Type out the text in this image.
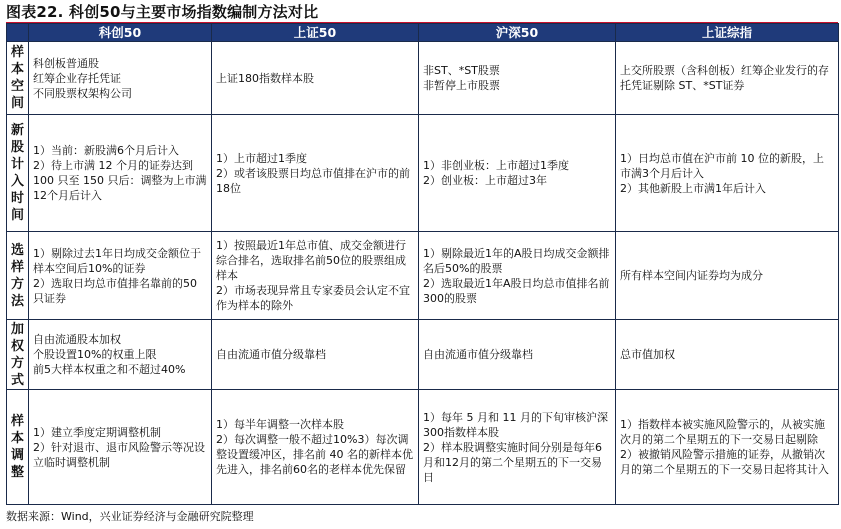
图表22. 科创50与主要市场指数编制方法对比
	科创50	上证50	沪深50	上证综指
样本空间	科创板普通股
红筹企业存托凭证
不同股票权架构公司	上证180指数样本股	非ST、*ST股票
非暂停上市股票	上交所股票（含科创板）红筹企业发行的存托凭证剔除 ST、*ST证券

新股计入时间	1）当前：新股满6个月后计入
2）待上市满 12 个月的证券达到 100 只至 150 只后：调整为上市满12个月后计入	1）上市超过1季度
2）或者该股票日均总市值排在沪市的前18位	1）非创业板：上市超过1季度
2）创业板：上市超过3年	1）日均总市值在沪市前 10 位的新股，上市满3个月后计入
2）其他新股上市满1年后计入

选样方法	1）剔除过去1年日均成交金额位于样本空间后10%的证券
2）选取日均总市值排名靠前的50只证券	1）按照最近1年总市值、成交金额进行综合排名，选取排名前50位的股票组成样本
2）市场表现异常且专家委员会认定不宜作为样本的除外	1）剔除最近1年的A股日均成交金额排名后50%的股票
2）选取最近1年A股日均总市值排名前300的股票	所有样本空间内证券均为成分

加权方式	自由流通股本加权
个股设置10%的权重上限
前5大样本权重之和不超过40%	自由流通市值分级靠档	自由流通市值分级靠档	总市值加权

样本调整	1）建立季度定期调整机制
2）针对退市、退市风险警示等况设立临时调整机制	1）每半年调整一次样本股
2）每次调整一般不超过10%3）每次调整设置缓冲区，排名前 40 名的新样本优先进入，排名前60名的老样本优先保留	1）每年 5 月和 11 月的下旬审核沪深300指数样本股
2）样本股调整实施时间分别是每年6月和12月的第二个星期五的下一交易日	1）指数样本被实施风险警示的，从被实施次月的第二个星期五的下一交易日起剔除
2）被撤销风险警示措施的证券，从撤销次月的第二个星期五的下一交易日起将其计入
数据来源：Wind，兴业证券经济与金融研究院整理
